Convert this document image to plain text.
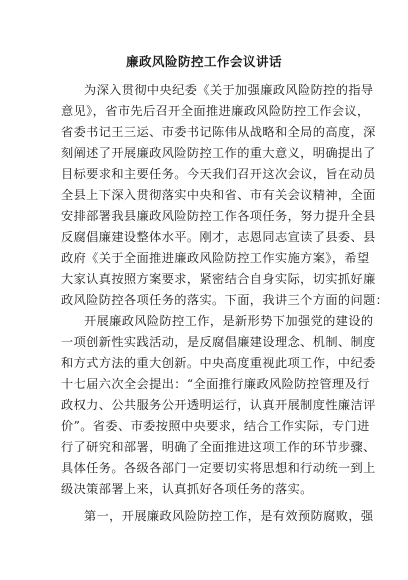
廉政风险防控工作会议讲话
为深入贯彻中央纪委《关于加强廉政风险防控的指导
意见》，省市先后召开全面推进廉政风险防控工作会议，
省委书记王三运、市委书记陈伟从战略和全局的高度，深
刻阐述了开展廉政风险防控工作的重大意义，明确提出了
目标要求和主要任务。今天我们召开这次会议，旨在动员
全县上下深入贯彻落实中央和省、市有关会议精神，全面
安排部署我县廉政风险防控工作各项任务，努力提升全县
反腐倡廉建设整体水平。刚才，志恩同志宣读了县委、县
政府《关于全面推进廉政风险防控工作实施方案》，希望
大家认真按照方案要求，紧密结合自身实际，切实抓好廉
政风险防控各项任务的落实。下面，我讲三个方面的问题：
开展廉政风险防控工作，是新形势下加强党的建设的
一项创新性实践活动，是反腐倡廉建设理念、机制、制度
和方式方法的重大创新。中央高度重视此项工作，中纪委
十七届六次全会提出：“全面推行廉政风险防控管理及行
政权力、公共服务公开透明运行，认真开展制度性廉洁评
价”。省委、市委按照中央要求，结合工作实际，专门进
行了研究和部署，明确了全面推进这项工作的环节步骤、
具体任务。各级各部门一定要切实将思想和行动统一到上
级决策部署上来，认真抓好各项任务的落实。
第一，开展廉政风险防控工作，是有效预防腐败，强
